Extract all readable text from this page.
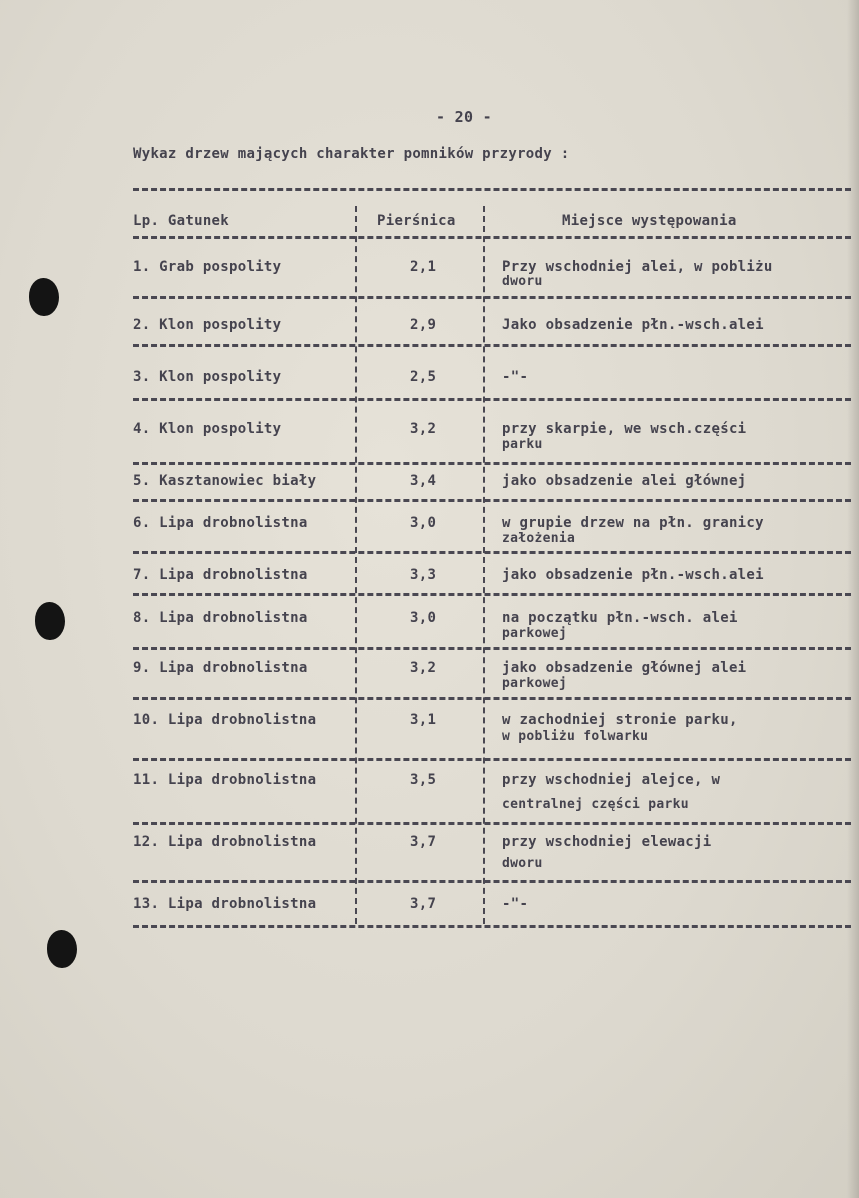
- 20 -
Wykaz drzew mających charakter pomników przyrody :
Lp. Gatunek	Pierśnica	Miejsce występowania
1. Grab pospolity	2,1	Przy wschodniej alei, w pobliżu
dworu
2. Klon pospolity	2,9	Jako obsadzenie płn.-wsch.alei
3. Klon pospolity	2,5	-"-
4. Klon pospolity	3,2	przy skarpie, we wsch.części
parku
5. Kasztanowiec biały	3,4	jako obsadzenie alei głównej
6. Lipa drobnolistna	3,0	w grupie drzew na płn. granicy
założenia
7. Lipa drobnolistna	3,3	jako obsadzenie płn.-wsch.alei
8. Lipa drobnolistna	3,0	na początku płn.-wsch. alei
parkowej
9. Lipa drobnolistna	3,2	jako obsadzenie głównej alei
parkowej
10. Lipa drobnolistna	3,1	w zachodniej stronie parku,
w pobliżu folwarku
11. Lipa drobnolistna	3,5	przy wschodniej alejce, w
centralnej części parku
12. Lipa drobnolistna	3,7	przy wschodniej elewacji
dworu
13. Lipa drobnolistna	3,7	-"-
